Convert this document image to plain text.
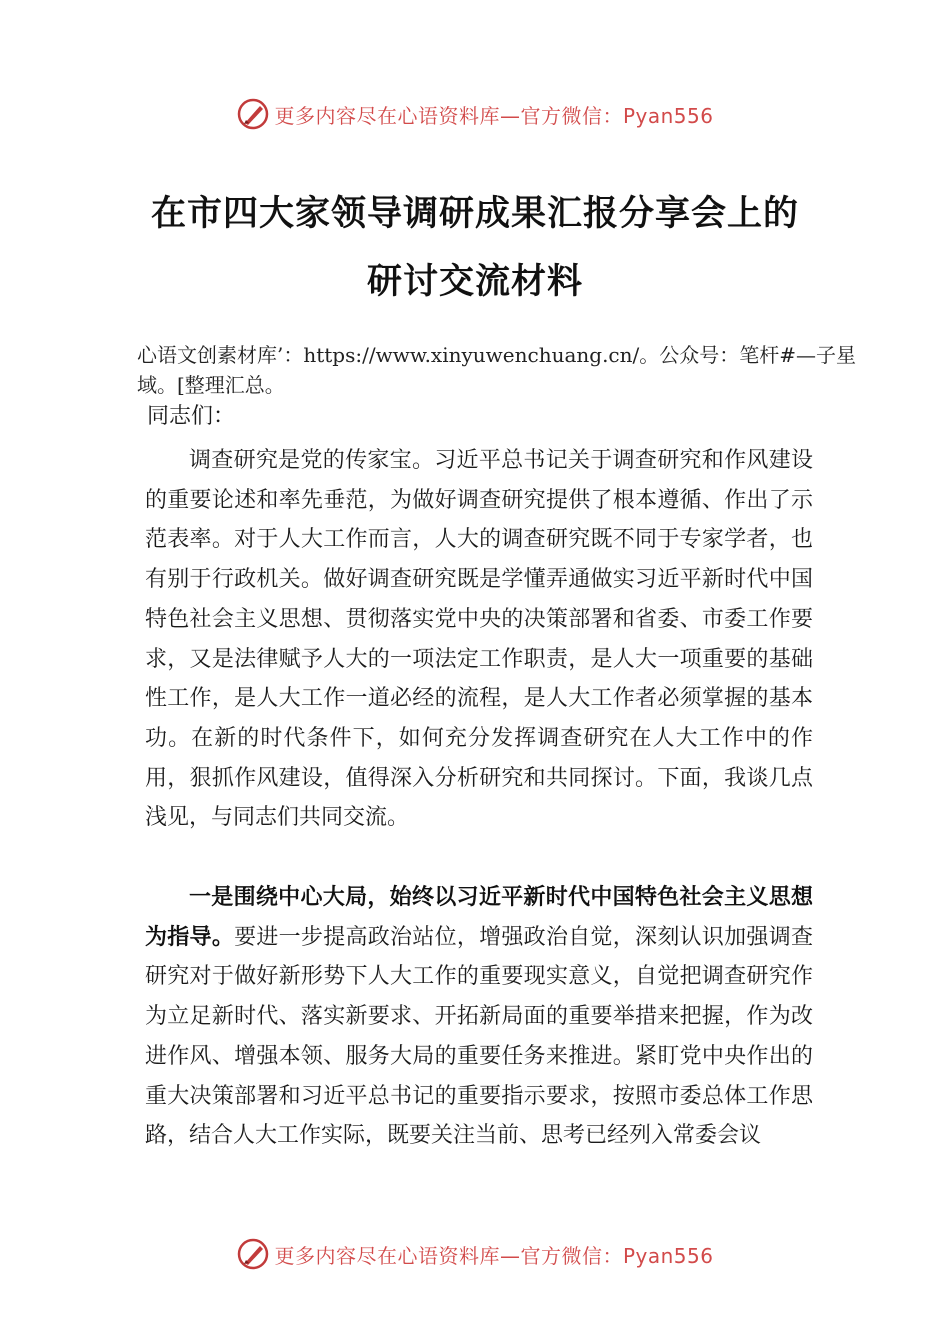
更多内容尽在心语资料库—官方微信：Pyan556
在市四大家领导调研成果汇报分享会上的
研讨交流材料
心语文创素材库’：https://www.xinyuwenchuang.cn/。公众号：笔杆#—子星域。[整理汇总。
同志们：
调查研究是党的传家宝。习近平总书记关于调查研究和作风建设的重要论述和率先垂范，为做好调查研究提供了根本遵循、作出了示范表率。对于人大工作而言，人大的调查研究既不同于专家学者，也有别于行政机关。做好调查研究既是学懂弄通做实习近平新时代中国特色社会主义思想、贯彻落实党中央的决策部署和省委、市委工作要求，又是法律赋予人大的一项法定工作职责，是人大一项重要的基础性工作，是人大工作一道必经的流程，是人大工作者必须掌握的基本功。在新的时代条件下，如何充分发挥调查研究在人大工作中的作用，狠抓作风建设，值得深入分析研究和共同探讨。下面，我谈几点浅见，与同志们共同交流。
一是围绕中心大局，始终以习近平新时代中国特色社会主义思想为指导。要进一步提高政治站位，增强政治自觉，深刻认识加强调查研究对于做好新形势下人大工作的重要现实意义，自觉把调查研究作为立足新时代、落实新要求、开拓新局面的重要举措来把握，作为改进作风、增强本领、服务大局的重要任务来推进。紧盯党中央作出的重大决策部署和习近平总书记的重要指示要求，按照市委总体工作思路，结合人大工作实际，既要关注当前、思考已经列入常委会议
更多内容尽在心语资料库—官方微信：Pyan556
